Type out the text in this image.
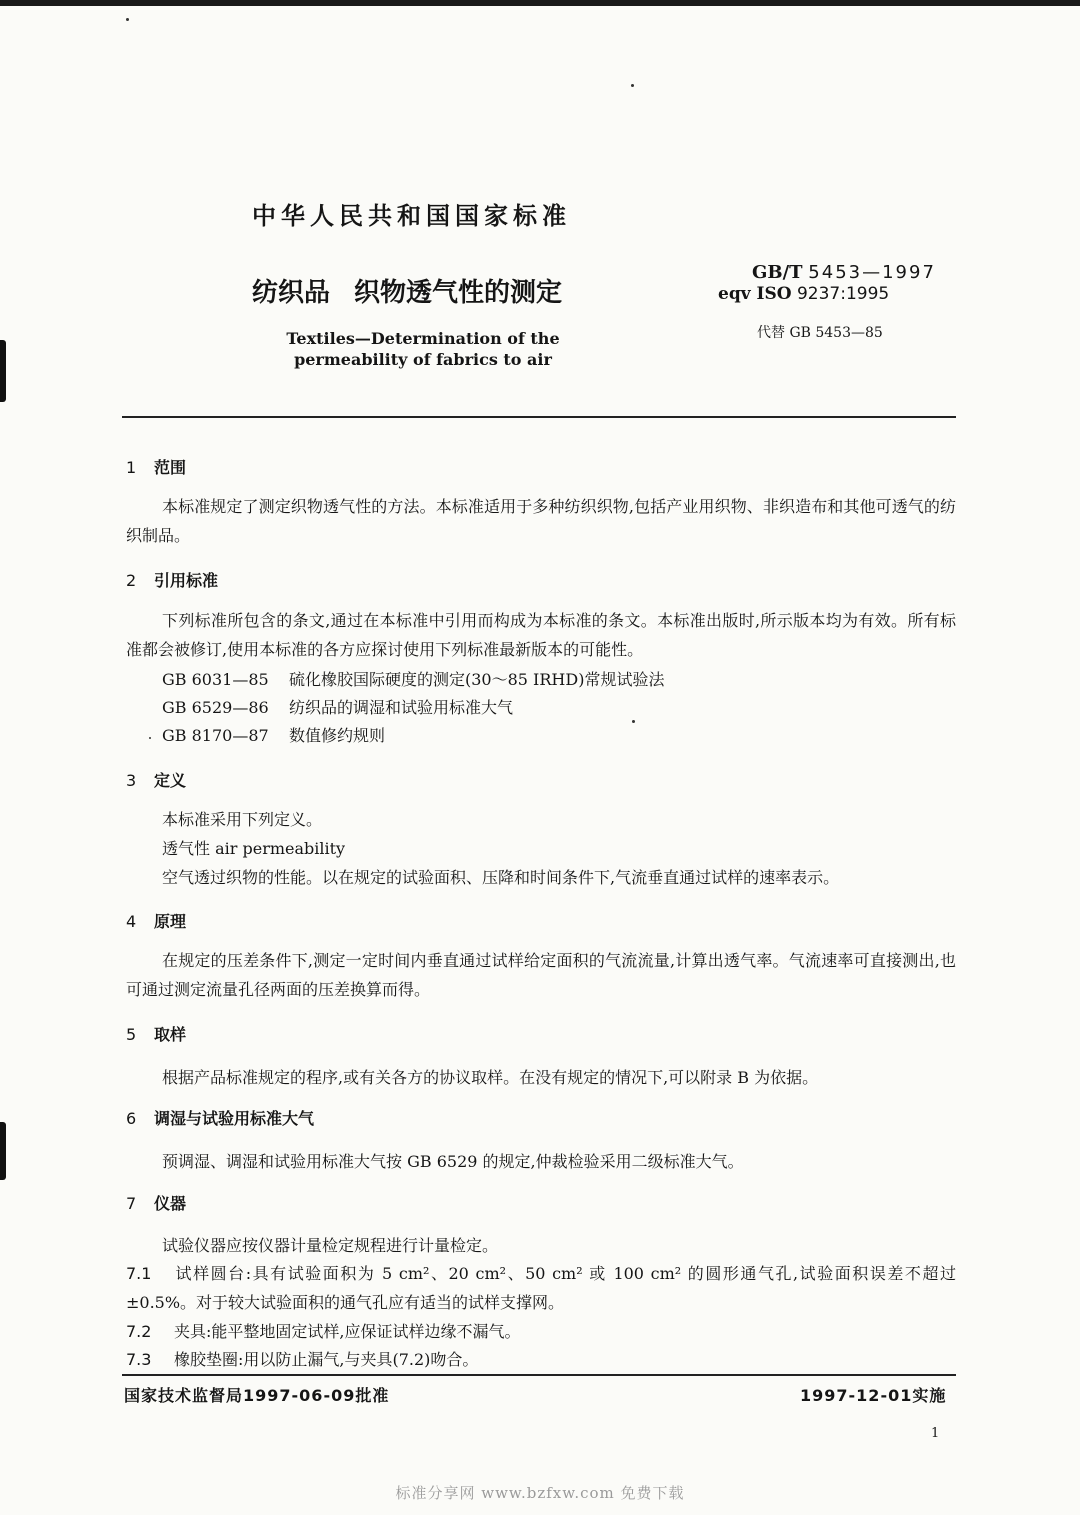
中华人民共和国国家标准
纺织品 织物透气性的测定
Textiles—Determination of the permeability of fabrics to air
GB/T 5453—1997
eqv ISO 9237:1995
代替 GB 5453—85
1 范围
本标准规定了测定织物透气性的方法。本标准适用于多种纺织织物,包括产业用织物、非织造布和其他可透气的纺织制品。
2 引用标准
下列标准所包含的条文,通过在本标准中引用而构成为本标准的条文。本标准出版时,所示版本均为有效。所有标准都会被修订,使用本标准的各方应探讨使用下列标准最新版本的可能性。
GB 6031—85 硫化橡胶国际硬度的测定(30～85 IRHD)常规试验法
GB 6529—86 纺织品的调湿和试验用标准大气
GB 8170—87 数值修约规则
3 定义
本标准采用下列定义。
透气性 air permeability
空气透过织物的性能。以在规定的试验面积、压降和时间条件下,气流垂直通过试样的速率表示。
4 原理
在规定的压差条件下,测定一定时间内垂直通过试样给定面积的气流流量,计算出透气率。气流速率可直接测出,也可通过测定流量孔径两面的压差换算而得。
5 取样
根据产品标准规定的程序,或有关各方的协议取样。在没有规定的情况下,可以附录 B 为依据。
6 调湿与试验用标准大气
预调湿、调湿和试验用标准大气按 GB 6529 的规定,仲裁检验采用二级标准大气。
7 仪器
试验仪器应按仪器计量检定规程进行计量检定。
7.1 试样圆台:具有试验面积为 5 cm²、20 cm²、50 cm² 或 100 cm² 的圆形通气孔,试验面积误差不超过±0.5%。对于较大试验面积的通气孔应有适当的试样支撑网。
7.2 夹具:能平整地固定试样,应保证试样边缘不漏气。
7.3 橡胶垫圈:用以防止漏气,与夹具(7.2)吻合。
国家技术监督局1997-06-09批准	1997-12-01实施
1
标准分享网 www.bzfxw.com 免费下载
